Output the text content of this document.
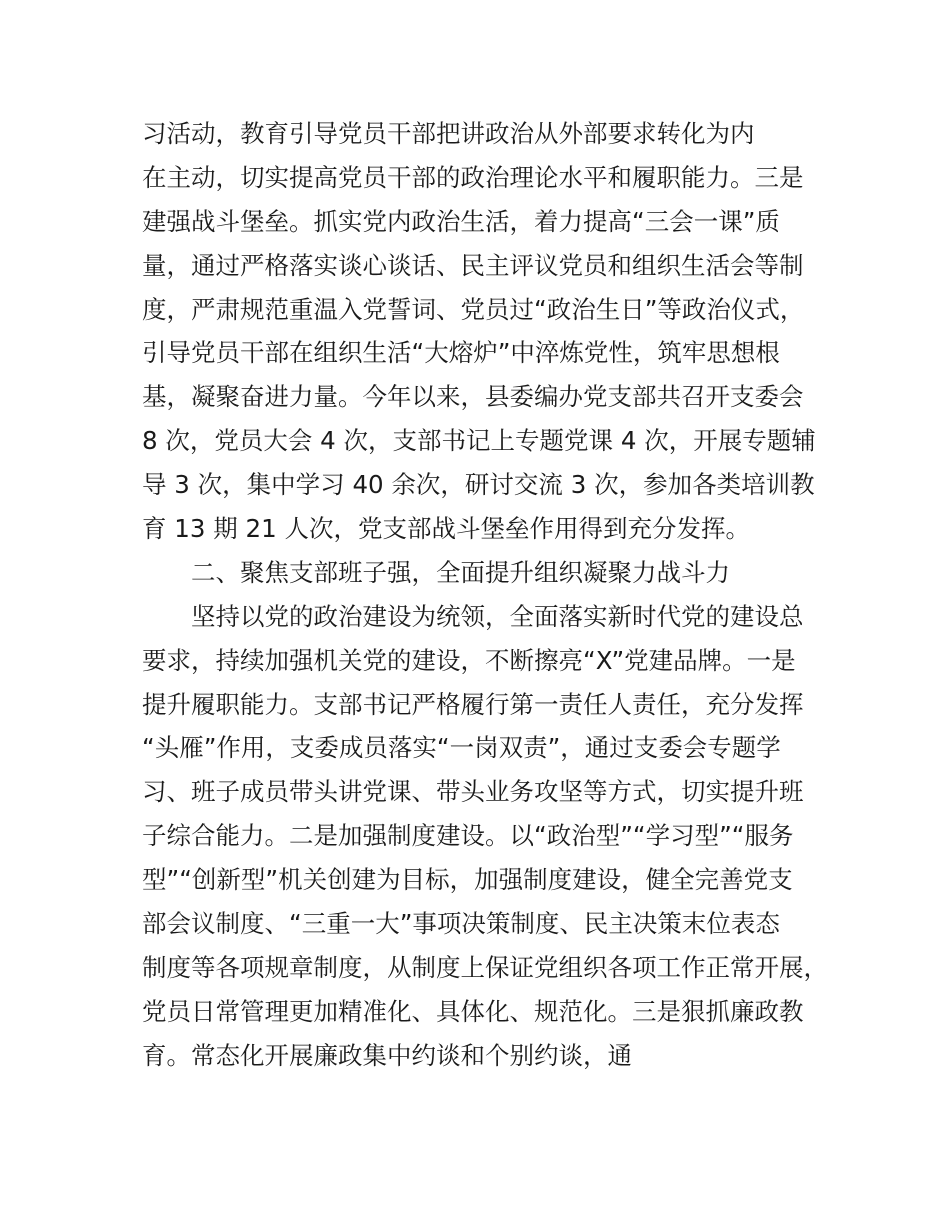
习活动，教育引导党员干部把讲政治从外部要求转化为内
在主动，切实提高党员干部的政治理论水平和履职能力。三是
建强战斗堡垒。抓实党内政治生活，着力提高“三会一课”质
量，通过严格落实谈心谈话、民主评议党员和组织生活会等制
度，严肃规范重温入党誓词、党员过“政治生日”等政治仪式，
引导党员干部在组织生活“大熔炉”中淬炼党性，筑牢思想根
基，凝聚奋进力量。今年以来，县委编办党支部共召开支委会
8 次，党员大会 4 次，支部书记上专题党课 4 次，开展专题辅
导 3 次，集中学习 40 余次，研讨交流 3 次，参加各类培训教
育 13 期 21 人次，党支部战斗堡垒作用得到充分发挥。
二、聚焦支部班子强，全面提升组织凝聚力战斗力
坚持以党的政治建设为统领，全面落实新时代党的建设总
要求，持续加强机关党的建设，不断擦亮“X”党建品牌。一是
提升履职能力。支部书记严格履行第一责任人责任，充分发挥
“头雁”作用，支委成员落实“一岗双责”，通过支委会专题学
习、班子成员带头讲党课、带头业务攻坚等方式，切实提升班
子综合能力。二是加强制度建设。以“政治型”“学习型”“服务
型”“创新型”机关创建为目标，加强制度建设，健全完善党支
部会议制度、“三重一大”事项决策制度、民主决策末位表态
制度等各项规章制度，从制度上保证党组织各项工作正常开展，
党员日常管理更加精准化、具体化、规范化。三是狠抓廉政教
育。常态化开展廉政集中约谈和个别约谈，通
